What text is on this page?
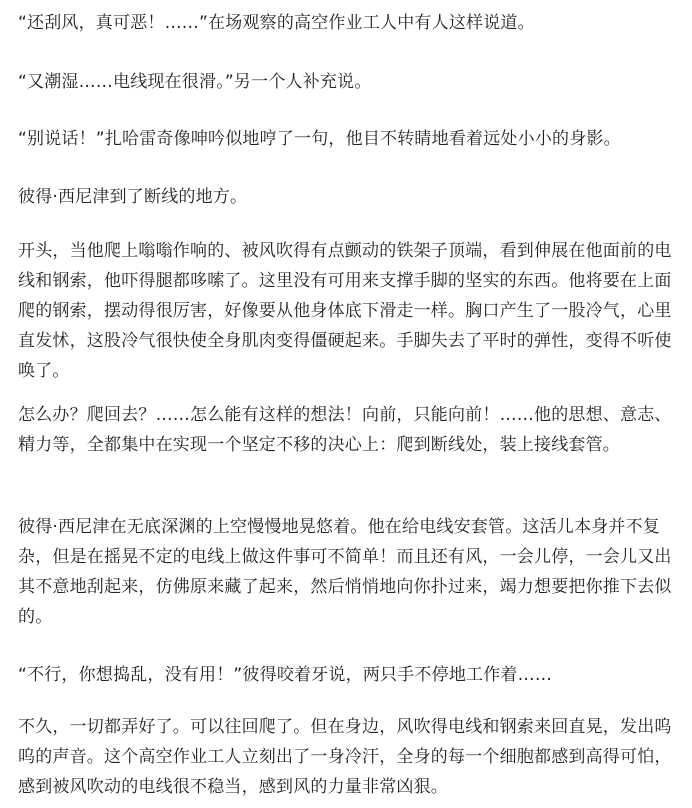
“还刮风，真可恶！……”在场观察的高空作业工人中有人这样说道。

“又潮湿……电线现在很滑。”另一个人补充说。

“别说话！”扎哈雷奇像呻吟似地哼了一句，他目不转睛地看着远处小小的身影。

彼得·西尼津到了断线的地方。

开头，当他爬上嗡嗡作响的、被风吹得有点颤动的铁架子顶端，看到伸展在他面前的电线和钢索，他吓得腿都哆嗦了。这里没有可用来支撑手脚的坚实的东西。他将要在上面爬的钢索，摆动得很厉害，好像要从他身体底下滑走一样。胸口产生了一股冷气，心里直发怵，这股冷气很快使全身肌肉变得僵硬起来。手脚失去了平时的弹性，变得不听使唤了。

怎么办？爬回去？……怎么能有这样的想法！向前，只能向前！……他的思想、意志、精力等，全都集中在实现一个坚定不移的决心上：爬到断线处，装上接线套管。

彼得·西尼津在无底深渊的上空慢慢地晃悠着。他在给电线安套管。这活儿本身并不复杂，但是在摇晃不定的电线上做这件事可不简单！而且还有风，一会儿停，一会儿又出其不意地刮起来，仿佛原来藏了起来，然后悄悄地向你扑过来，竭力想要把你推下去似的。

“不行，你想捣乱，没有用！”彼得咬着牙说，两只手不停地工作着……

不久，一切都弄好了。可以往回爬了。但在身边，风吹得电线和钢索来回直晃，发出呜呜的声音。这个高空作业工人立刻出了一身冷汗，全身的每一个细胞都感到高得可怕，感到被风吹动的电线很不稳当，感到风的力量非常凶狠。
